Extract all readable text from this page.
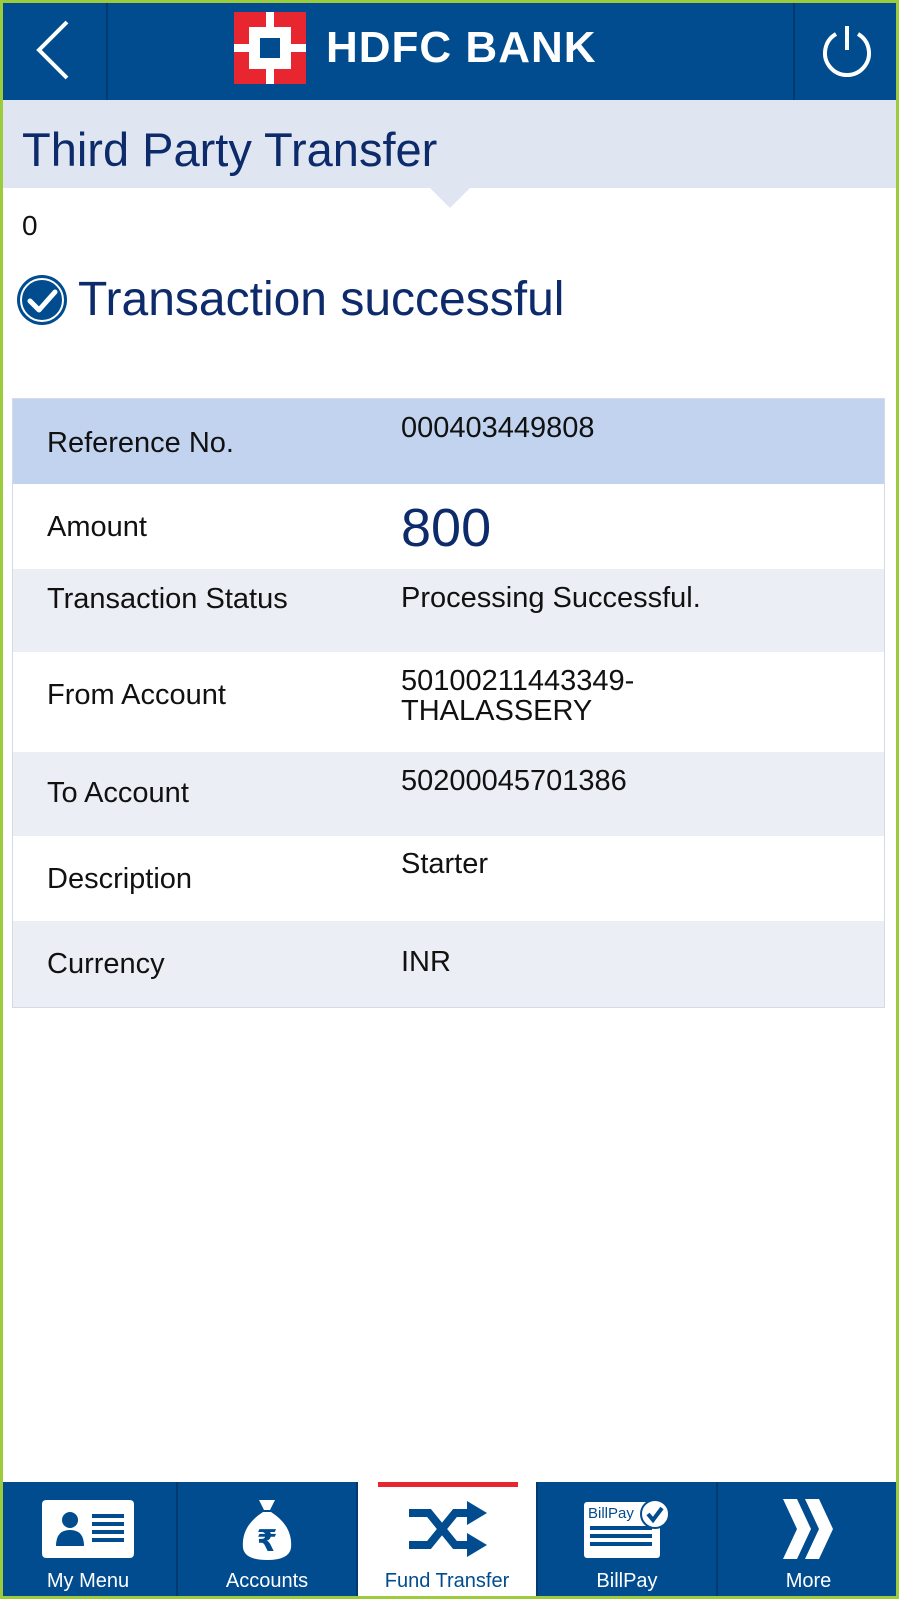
HDFC BANK
Third Party Transfer
0
Transaction successful
Reference No.	000403449808
Amount	800
Transaction Status	Processing Successful.
From Account	50100211443349-
THALASSERY
To Account	50200045701386
Description	Starter
Currency	INR
My Menu
₹
Accounts	Fund Transfer
BillPay
BillPay	More
